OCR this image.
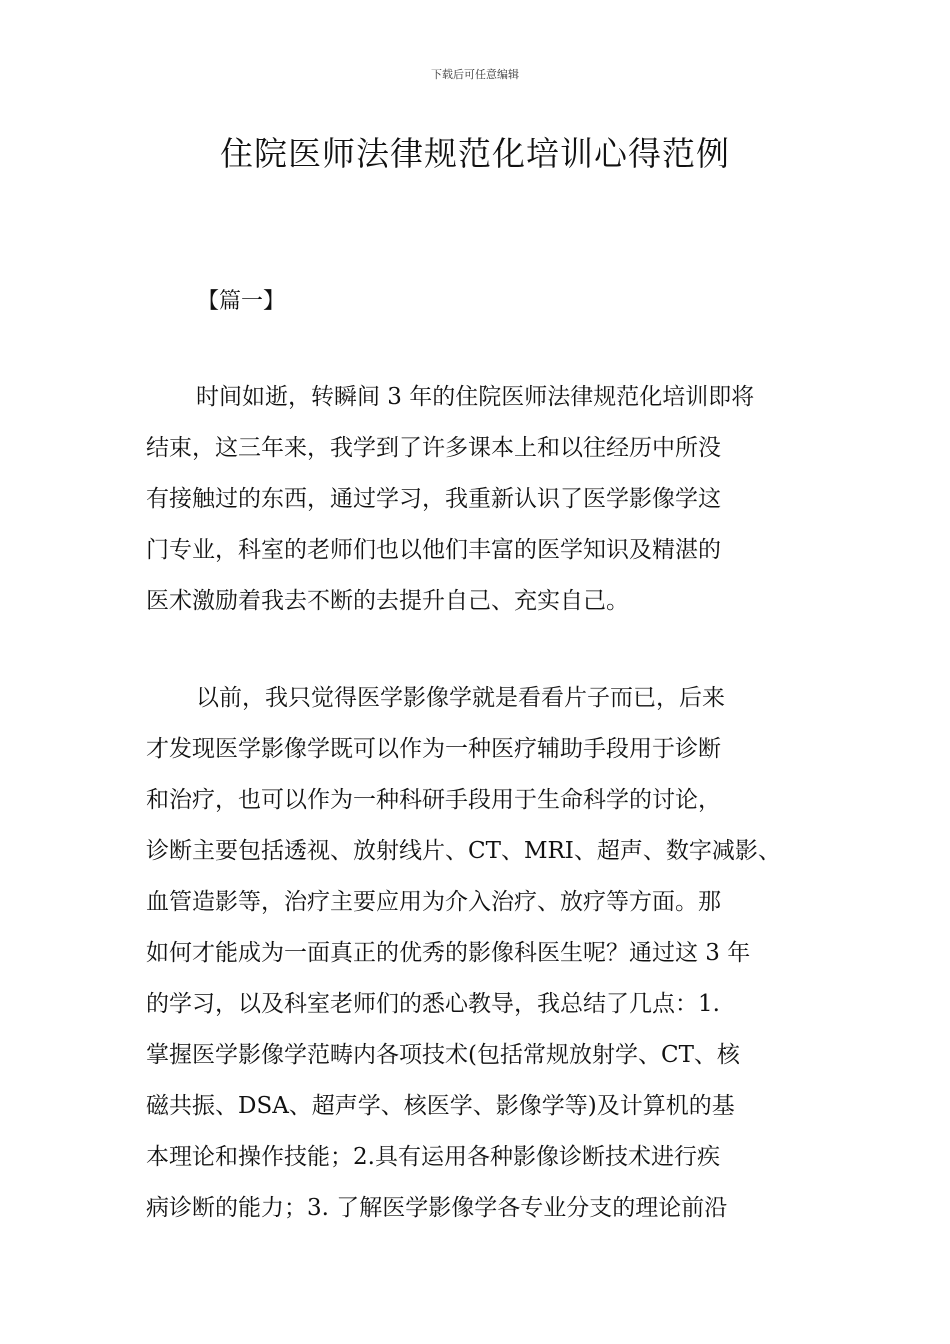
下载后可任意编辑
住院医师法律规范化培训心得范例
【篇一】

时间如逝，转瞬间 3 年的住院医师法律规范化培训即将
结束，这三年来，我学到了许多课本上和以往经历中所没
有接触过的东西，通过学习，我重新认识了医学影像学这
门专业，科室的老师们也以他们丰富的医学知识及精湛的
医术激励着我去不断的去提升自己、充实自己。

以前，我只觉得医学影像学就是看看片子而已，后来
才发现医学影像学既可以作为一种医疗辅助手段用于诊断
和治疗，也可以作为一种科研手段用于生命科学的讨论，
诊断主要包括透视、放射线片、CT、MRI、超声、数字减影、
血管造影等，治疗主要应用为介入治疗、放疗等方面。那
如何才能成为一面真正的优秀的影像科医生呢？通过这 3 年
的学习，以及科室老师们的悉心教导，我总结了几点：1.
掌握医学影像学范畴内各项技术(包括常规放射学、CT、核
磁共振、DSA、超声学、核医学、影像学等)及计算机的基
本理论和操作技能；2.具有运用各种影像诊断技术进行疾
病诊断的能力；3. 了解医学影像学各专业分支的理论前沿
